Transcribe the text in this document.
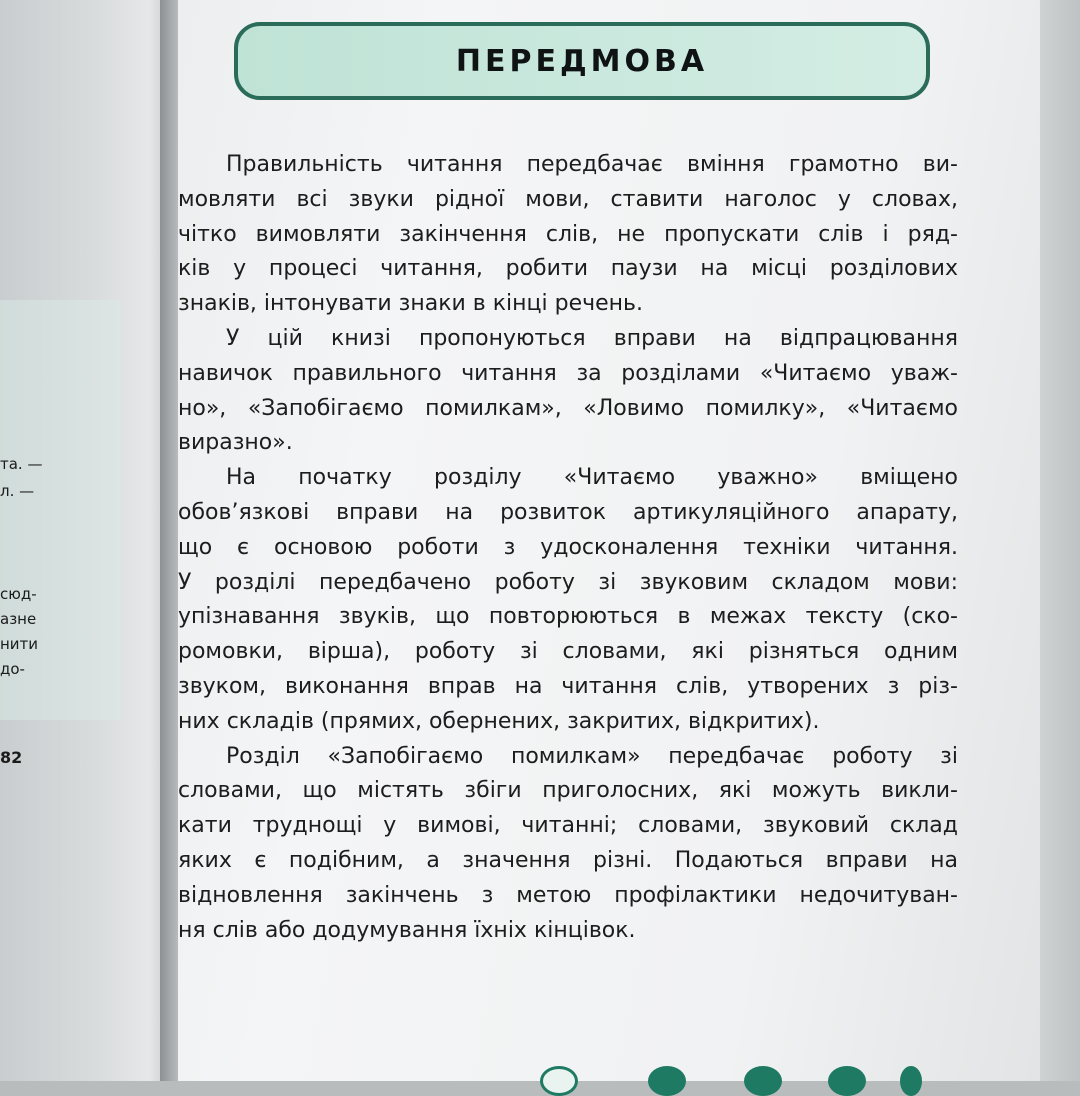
та. —
л. —
сюд-
азне
нити
до-
82
ПЕРЕДМОВА
Правильність читання передбачає вміння грамотно ви-
мовляти всі звуки рідної мови, ставити наголос у словах,
чітко вимовляти закінчення слів, не пропускати слів і ряд-
ків у процесі читання, робити паузи на місці розділових
знаків, інтонувати знаки в кінці речень.
У цій книзі пропонуються вправи на відпрацювання
навичок правильного читання за розділами «Читаємо уваж-
но», «Запобігаємо помилкам», «Ловимо помилку», «Читаємо
виразно».
На початку розділу «Читаємо уважно» вміщено
обов’язкові вправи на розвиток артикуляційного апарату,
що є основою роботи з удосконалення техніки читання.
У розділі передбачено роботу зі звуковим складом мови:
упізнавання звуків, що повторюються в межах тексту (ско-
ромовки, вірша), роботу зі словами, які різняться одним
звуком, виконання вправ на читання слів, утворених з різ-
них складів (прямих, обернених, закритих, відкритих).
Розділ «Запобігаємо помилкам» передбачає роботу зі
словами, що містять збіги приголосних, які можуть викли-
кати труднощі у вимові, читанні; словами, звуковий склад
яких є подібним, а значення різні. Подаються вправи на
відновлення закінчень з метою профілактики недочитуван-
ня слів або додумування їхніх кінцівок.
